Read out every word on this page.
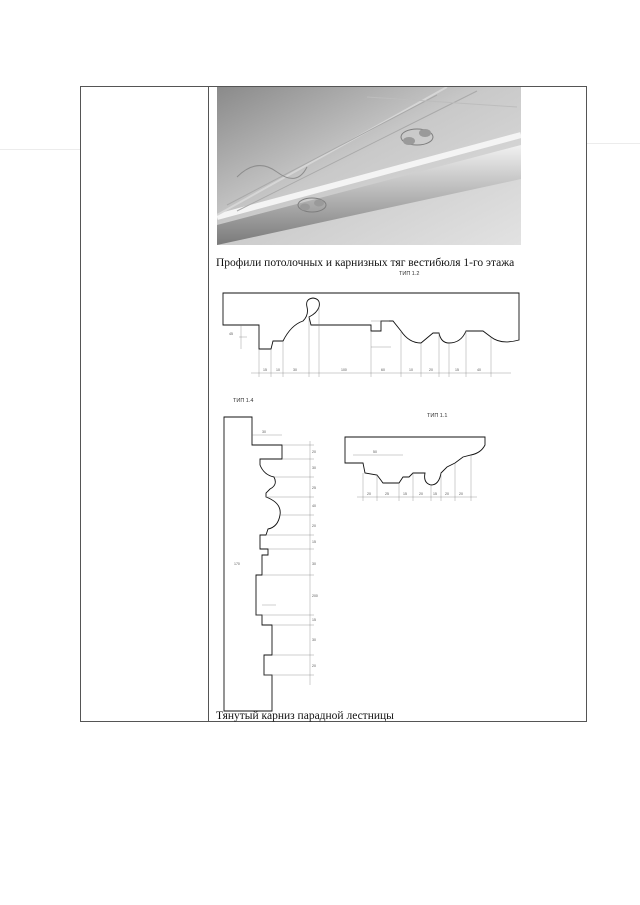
Профили потолочных и карнизных тяг вестибюля 1-го этажа
ТИП 1.2
15	10	30	100	60	10	20	15	40
45
ТИП 1.4
ТИП 1.1
20
30
25
40
20
15
30
200
15
30
20
30
170
20	25	15	20	15 20	20
50
Тянутый карниз парадной лестницы
